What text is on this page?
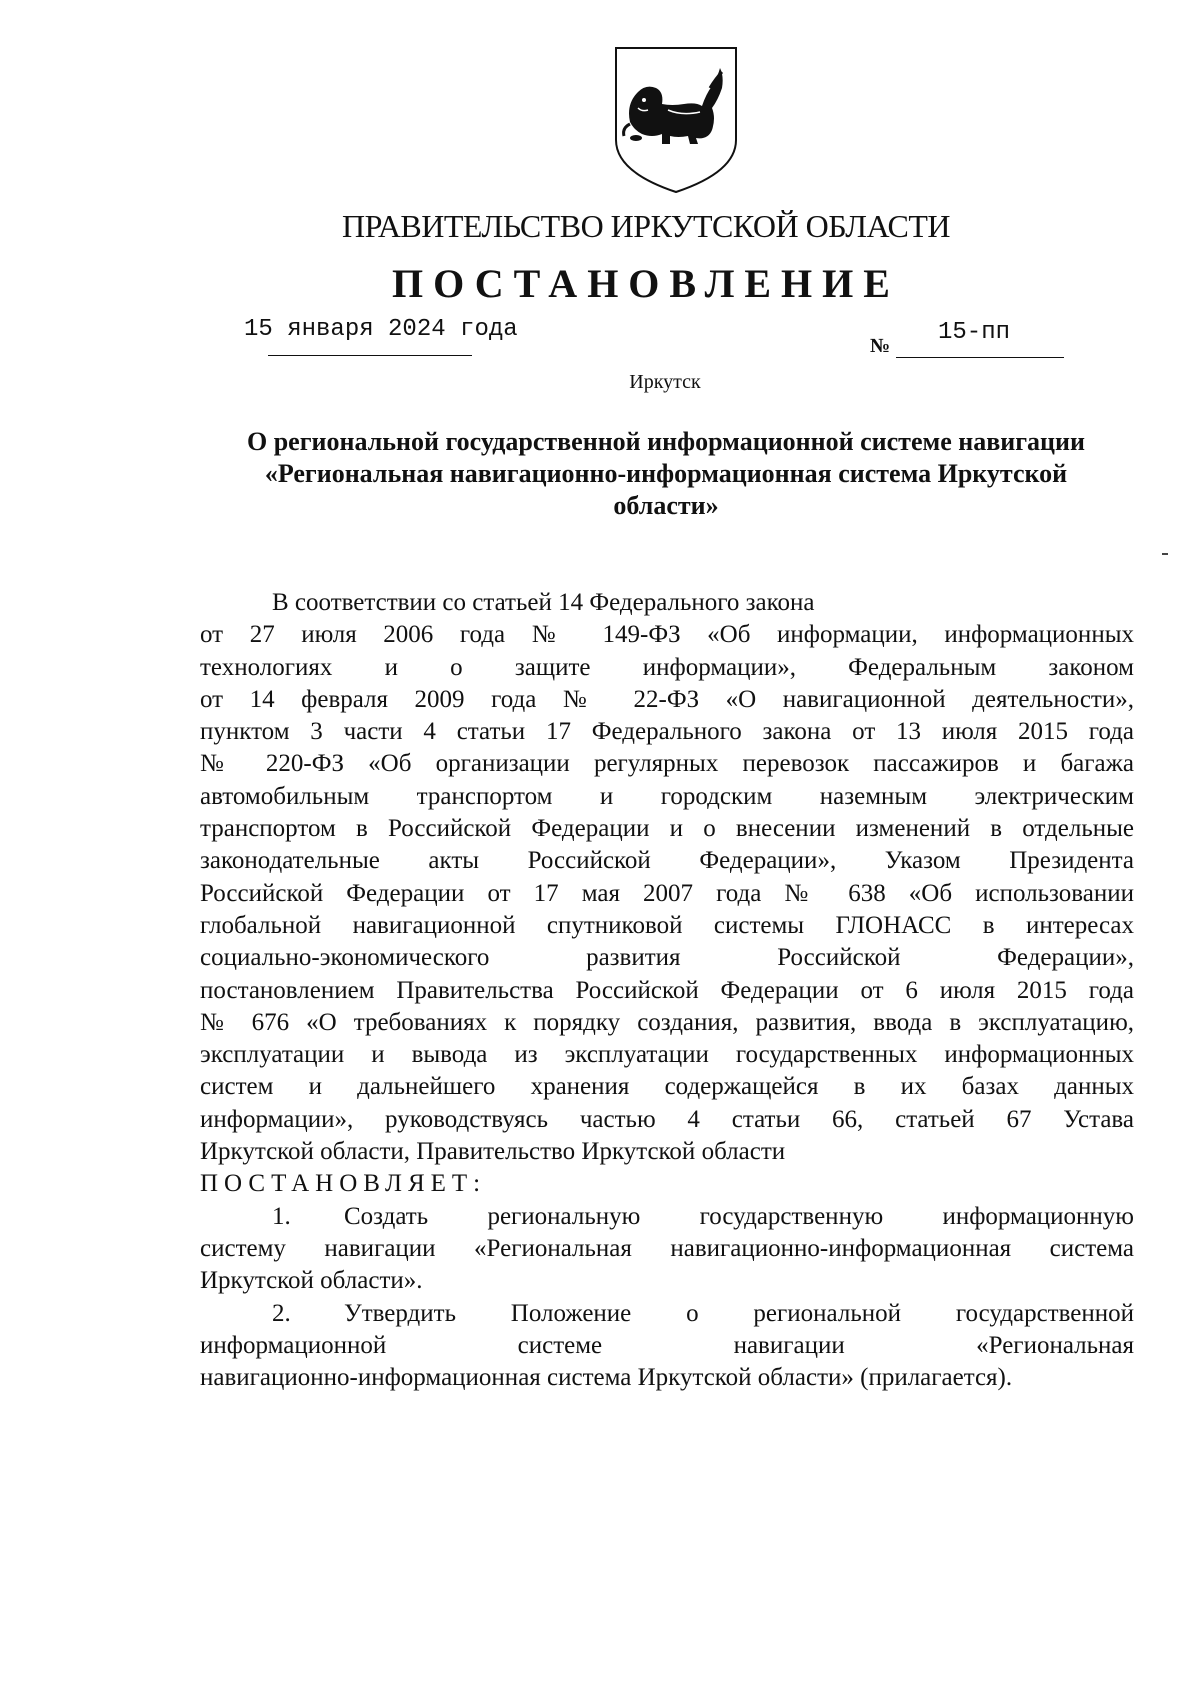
ПРАВИТЕЛЬСТВО ИРКУТСКОЙ ОБЛАСТИ
ПОСТАНОВЛЕНИЕ
15 января 2024 года
№ 15-пп
Иркутск
О региональной государственной информационной системе навигации
«Региональная навигационно-информационная система Иркутской
области»
В соответствии со статьей 14 Федерального закона
от 27 июля 2006 года № 149-ФЗ «Об информации, информационных
технологиях и о защите информации», Федеральным законом
от 14 февраля 2009 года № 22-ФЗ «О навигационной деятельности»,
пунктом 3 части 4 статьи 17 Федерального закона от 13 июля 2015 года
№ 220-ФЗ «Об организации регулярных перевозок пассажиров и багажа
автомобильным транспортом и городским наземным электрическим
транспортом в Российской Федерации и о внесении изменений в отдельные
законодательные акты Российской Федерации», Указом Президента
Российской Федерации от 17 мая 2007 года № 638 «Об использовании
глобальной навигационной спутниковой системы ГЛОНАСС в интересах
социально-экономического развития Российской Федерации»,
постановлением Правительства Российской Федерации от 6 июля 2015 года
№ 676 «О требованиях к порядку создания, развития, ввода в эксплуатацию,
эксплуатации и вывода из эксплуатации государственных информационных
систем и дальнейшего хранения содержащейся в их базах данных
информации», руководствуясь частью 4 статьи 66, статьей 67 Устава
Иркутской области, Правительство Иркутской области
ПОСТАНОВЛЯЕТ:
1.	Создать региональную государственную информационную
систему навигации «Региональная навигационно-информационная система
Иркутской области».
2.	Утвердить Положение о региональной государственной
информационной системе навигации «Региональная
навигационно-информационная система Иркутской области» (прилагается).
